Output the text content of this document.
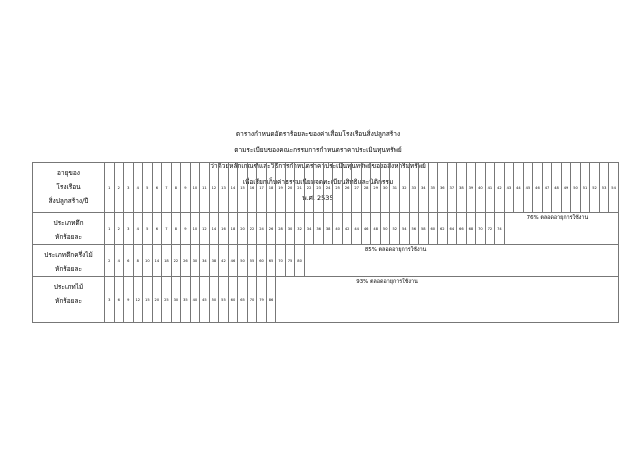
ตารางกำหนดอัตราร้อยละของค่าเสื่อมโรงเรือนสิ่งปลูกสร้าง
ตามระเบียบของคณะกรรมการกำหนดราคาประเมินทุนทรัพย์
ว่าด้วยหลักเกณฑ์และวิธีการกำหนดราคาประเมินทุนทรัพย์ของอสังหาริมทรัพย์
เพื่อเรียกเก็บค่าธรรมเนียมจดทะเบียนสิทธิและนิติกรรม
พ.ศ. 2535
อายุของ
โรงเรือน
สิ่งปลูกสร้าง/ปี	1	2	3	4	5	6	7	8	9	10	11	12	13	14	15	16	17	18	19	20	21	22	23	24	25	26	27	28	29	30	31	32	33	34	35	36	37	38	39	40	41	42	43	44	45	46	47	48	49	50	51	52	53	54

ประเภทตึก
หักร้อยละ	1	2	3	4	5	6	7	8	9	10	12	14	16	18	20	22	24	26	28	30	32	34	36	38	40	42	44	46	48	50	52	54	56	58	60	62	64	66	68	70	72	74	76% ตลอดอายุการใช้งาน											

ประเภทตึกครึ่งไม้
หักร้อยละ	2	4	6	8	10	14	18	22	26	30	34	38	42	46	50	55	60	65	70	75	80	85% ตลอดอายุการใช้งาน																																

ประเภทไม้
หักร้อยละ	3	6	9	12	15	20	25	30	35	40	45	50	55	60	65	70	79	86	93% ตลอดอายุการใช้งาน																																			
